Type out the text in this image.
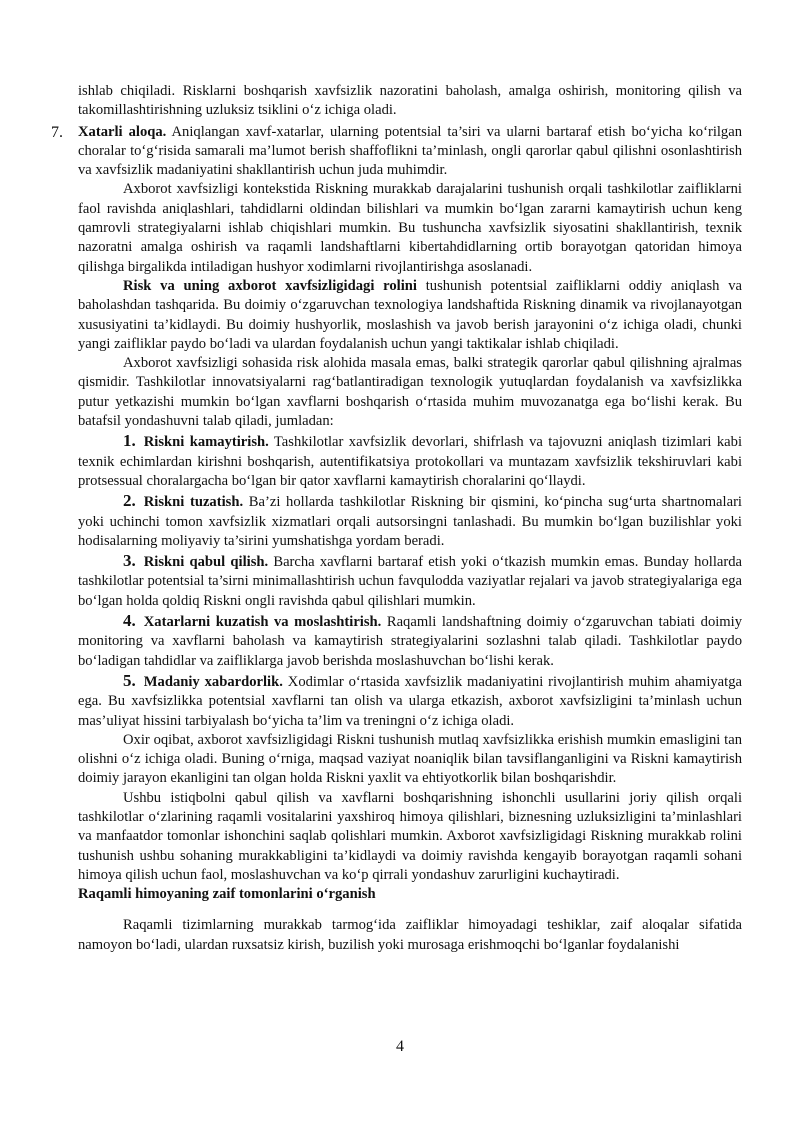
ishlab chiqiladi. Risklarni boshqarish xavfsizlik nazoratini baholash, amalga oshirish, monitoring qilish va takomillashtirishning uzluksiz tsiklini o‘z ichiga oladi.

7. Xatarli aloqa. Aniqlangan xavf-xatarlar, ularning potentsial ta’siri va ularni bartaraf etish bo‘yicha ko‘rilgan choralar to‘g‘risida samarali ma’lumot berish shaffoflikni ta’minlash, ongli qarorlar qabul qilishni osonlashtirish va xavfsizlik madaniyatini shakllantirish uchun juda muhimdir.

Axborot xavfsizligi kontekstida Riskning murakkab darajalarini tushunish orqali tashkilotlar zaifliklarni faol ravishda aniqlashlari, tahdidlarni oldindan bilishlari va mumkin bo‘lgan zararni kamaytirish uchun keng qamrovli strategiyalarni ishlab chiqishlari mumkin. Bu tushuncha xavfsizlik siyosatini shakllantirish, texnik nazoratni amalga oshirish va raqamli landshaftlarni kibertahdidlarning ortib borayotgan qatoridan himoya qilishga birgalikda intiladigan hushyor xodimlarni rivojlantirishga asoslanadi.

Risk va uning axborot xavfsizligidagi rolini tushunish potentsial zaifliklarni oddiy aniqlash va baholashdan tashqarida. Bu doimiy o‘zgaruvchan texnologiya landshaftida Riskning dinamik va rivojlanayotgan xususiyatini ta’kidlaydi. Bu doimiy hushyorlik, moslashish va javob berish jarayonini o‘z ichiga oladi, chunki yangi zaifliklar paydo bo‘ladi va ulardan foydalanish uchun yangi taktikalar ishlab chiqiladi.

Axborot xavfsizligi sohasida risk alohida masala emas, balki strategik qarorlar qabul qilishning ajralmas qismidir. Tashkilotlar innovatsiyalarni rag‘batlantiradigan texnologik yutuqlardan foydalanish va xavfsizlikka putur yetkazishi mumkin bo‘lgan xavflarni boshqarish o‘rtasida muhim muvozanatga ega bo‘lishi kerak. Bu batafsil yondashuvni talab qiladi, jumladan:

1. Riskni kamaytirish. Tashkilotlar xavfsizlik devorlari, shifrlash va tajovuzni aniqlash tizimlari kabi texnik echimlardan kirishni boshqarish, autentifikatsiya protokollari va muntazam xavfsizlik tekshiruvlari kabi protsessual choralargacha bo‘lgan bir qator xavflarni kamaytirish choralarini qo‘llaydi.

2. Riskni tuzatish. Ba’zi hollarda tashkilotlar Riskning bir qismini, ko‘pincha sug‘urta shartnomalari yoki uchinchi tomon xavfsizlik xizmatlari orqali autsorsingni tanlashadi. Bu mumkin bo‘lgan buzilishlar yoki hodisalarning moliyaviy ta’sirini yumshatishga yordam beradi.

3. Riskni qabul qilish. Barcha xavflarni bartaraf etish yoki o‘tkazish mumkin emas. Bunday hollarda tashkilotlar potentsial ta’sirni minimallashtirish uchun favqulodda vaziyatlar rejalari va javob strategiyalariga ega bo‘lgan holda qoldiq Riskni ongli ravishda qabul qilishlari mumkin.

4. Xatarlarni kuzatish va moslashtirish. Raqamli landshaftning doimiy o‘zgaruvchan tabiati doimiy monitoring va xavflarni baholash va kamaytirish strategiyalarini sozlashni talab qiladi. Tashkilotlar paydo bo‘ladigan tahdidlar va zaifliklarga javob berishda moslashuvchan bo‘lishi kerak.

5. Madaniy xabardorlik. Xodimlar o‘rtasida xavfsizlik madaniyatini rivojlantirish muhim ahamiyatga ega. Bu xavfsizlikka potentsial xavflarni tan olish va ularga etkazish, axborot xavfsizligini ta’minlash uchun mas’uliyat hissini tarbiyalash bo‘yicha ta’lim va treningni o‘z ichiga oladi.

Oxir oqibat, axborot xavfsizligidagi Riskni tushunish mutlaq xavfsizlikka erishish mumkin emasligini tan olishni o‘z ichiga oladi. Buning o‘rniga, maqsad vaziyat noaniqlik bilan tavsiflanganligini va Riskni kamaytirish doimiy jarayon ekanligini tan olgan holda Riskni yaxlit va ehtiyotkorlik bilan boshqarishdir.

Ushbu istiqbolni qabul qilish va xavflarni boshqarishning ishonchli usullarini joriy qilish orqali tashkilotlar o‘zlarining raqamli vositalarini yaxshiroq himoya qilishlari, biznesning uzluksizligini ta’minlashlari va manfaatdor tomonlar ishonchini saqlab qolishlari mumkin. Axborot xavfsizligidagi Riskning murakkab rolini tushunish ushbu sohaning murakkabligini ta’kidlaydi va doimiy ravishda kengayib borayotgan raqamli sohani himoya qilish uchun faol, moslashuvchan va ko‘p qirrali yondashuv zarurligini kuchaytiradi.

Raqamli himoyaning zaif tomonlarini o‘rganish

Raqamli tizimlarning murakkab tarmog‘ida zaifliklar himoyadagi teshiklar, zaif aloqalar sifatida namoyon bo‘ladi, ulardan ruxsatsiz kirish, buzilish yoki murosaga erishmoqchi bo‘lganlar foydalanishi

4
